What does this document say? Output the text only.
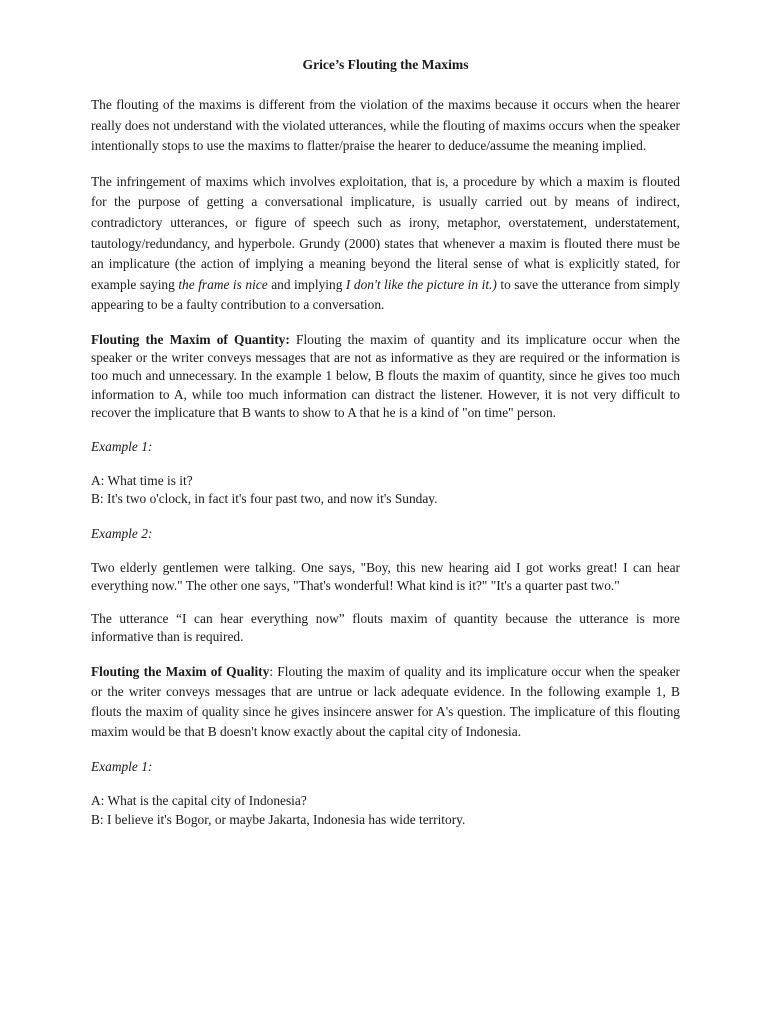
Grice’s Flouting the Maxims

The flouting of the maxims is different from the violation of the maxims because it occurs when the hearer really does not understand with the violated utterances, while the flouting of maxims occurs when the speaker intentionally stops to use the maxims to flatter/praise the hearer to deduce/assume the meaning implied.

The infringement of maxims which involves exploitation, that is, a procedure by which a maxim is flouted for the purpose of getting a conversational implicature, is usually carried out by means of indirect, contradictory utterances, or figure of speech such as irony, metaphor, overstatement, understatement, tautology/redundancy, and hyperbole. Grundy (2000) states that whenever a maxim is flouted there must be an implicature (the action of implying a meaning beyond the literal sense of what is explicitly stated, for example saying the frame is nice and implying I don't like the picture in it.) to save the utterance from simply appearing to be a faulty contribution to a conversation.

Flouting the Maxim of Quantity: Flouting the maxim of quantity and its implicature occur when the speaker or the writer conveys messages that are not as informative as they are required or the information is too much and unnecessary. In the example 1 below, B flouts the maxim of quantity, since he gives too much information to A, while too much information can distract the listener. However, it is not very difficult to recover the implicature that B wants to show to A that he is a kind of "on time" person.

Example 1:
A: What time is it?
B: It's two o'clock, in fact it's four past two, and now it's Sunday.
Example 2:

Two elderly gentlemen were talking. One says, "Boy, this new hearing aid I got works great! I can hear everything now." The other one says, "That's wonderful! What kind is it?" "It's a quarter past two."

The utterance “I can hear everything now” flouts maxim of quantity because the utterance is more informative than is required.

Flouting the Maxim of Quality: Flouting the maxim of quality and its implicature occur when the speaker or the writer conveys messages that are untrue or lack adequate evidence. In the following example 1, B flouts the maxim of quality since he gives insincere answer for A's question. The implicature of this flouting maxim would be that B doesn't know exactly about the capital city of Indonesia.

Example 1:
A: What is the capital city of Indonesia?
B: I believe it's Bogor, or maybe Jakarta, Indonesia has wide territory.
